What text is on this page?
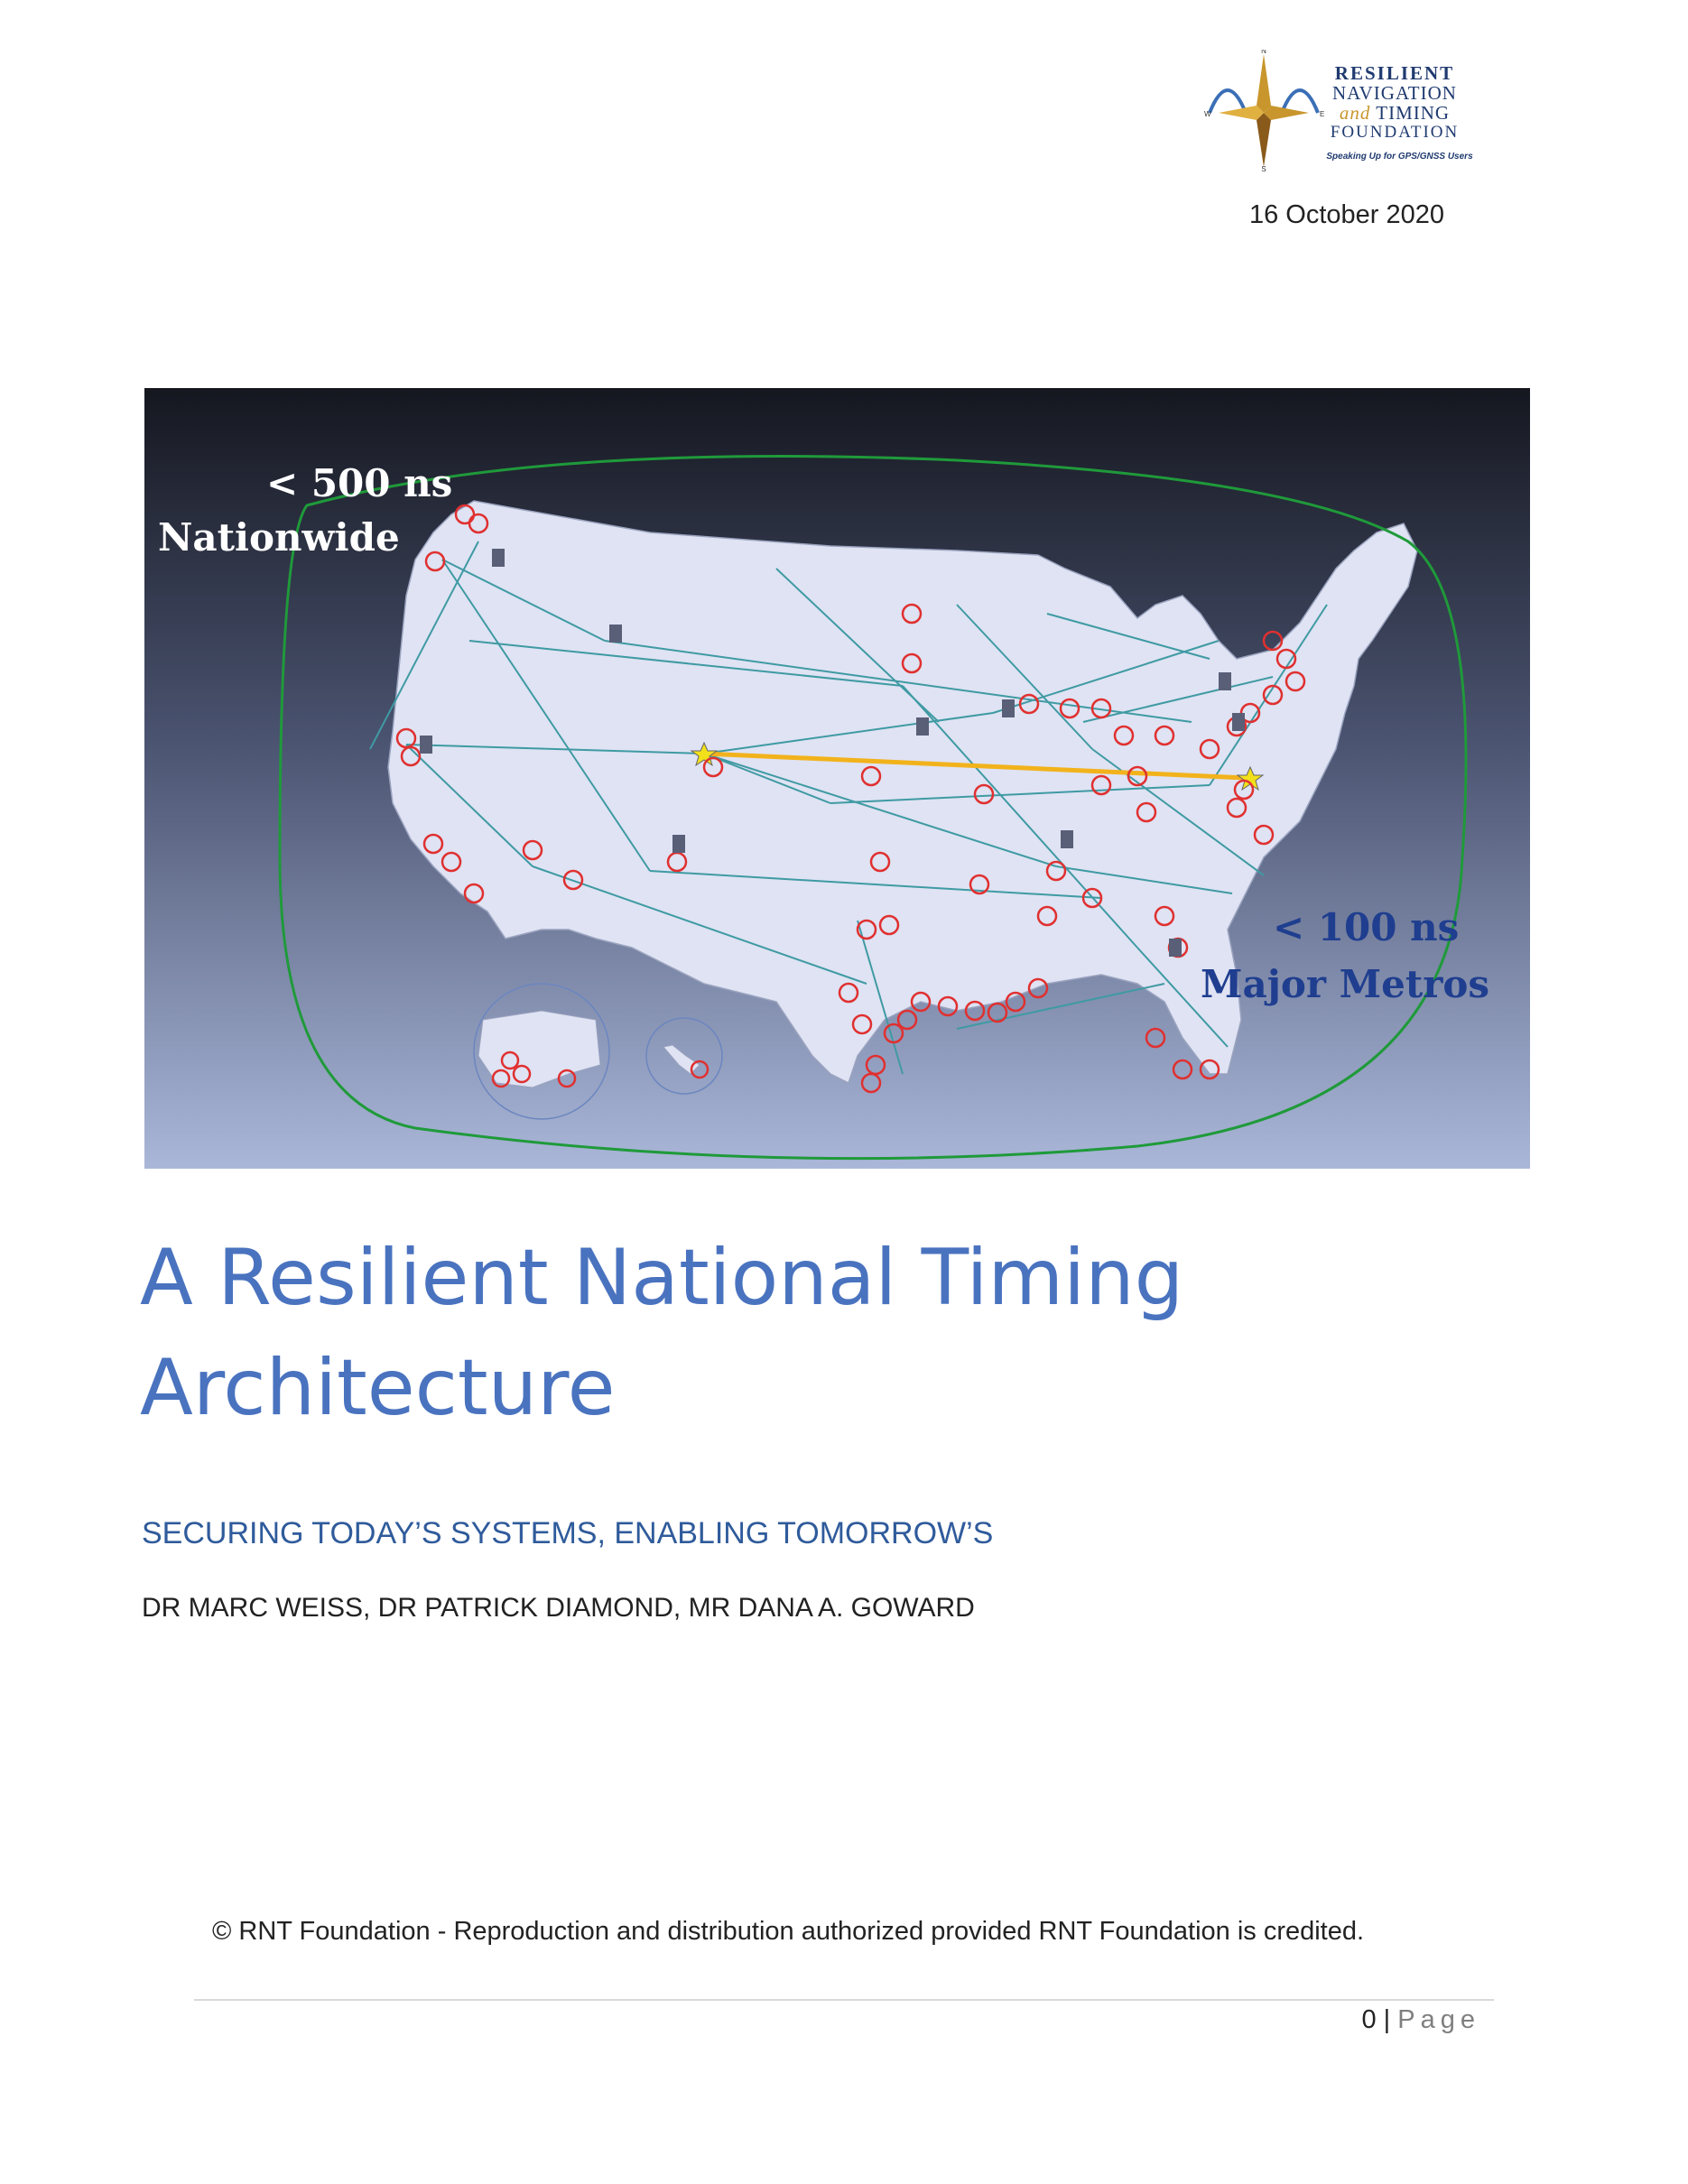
N
S
W	E
RESILIENT
NAVIGATION
and TIMING
FOUNDATION
Speaking Up for GPS/GNSS Users
16 October 2020
< 500 ns
Nationwide
< 100 ns
Major Metros
A Resilient National Timing
Architecture
SECURING TODAY’S SYSTEMS, ENABLING TOMORROW’S
DR MARC WEISS, DR PATRICK DIAMOND, MR DANA A. GOWARD
© RNT Foundation - Reproduction and distribution authorized provided RNT Foundation is credited.
0 | Page
